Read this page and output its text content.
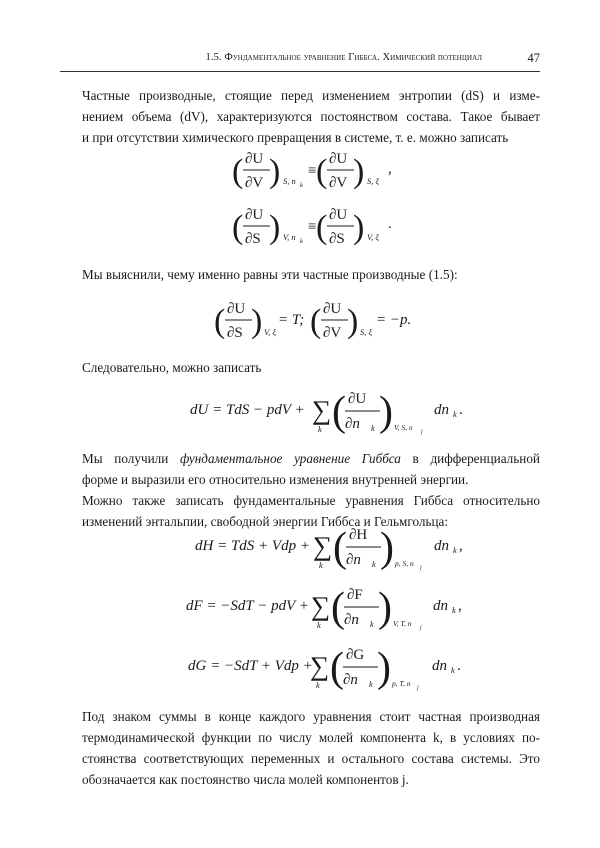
1.5. Фундаментальное уравнение Гиббса. Химический потенциал	47
Частные производные, стоящие перед изменением энтропии (dS) и изме-
нением объема (dV), характеризуются постоянством состава. Такое бывает
и при отсутствии химического превращения в системе, т. е. можно записать
( ∂U
∂V ) S, n k
≡ ( ∂U
∂V ) S, ξ
,
( ∂U
∂S ) V, n k
≡ ( ∂U
∂S ) V, ξ
.
Мы выяснили, чему именно равны эти частные производные (1.5):
( ∂U
∂S ) V, ξ
= T; ( ∂U
∂V ) S, ξ
= −p.
Следовательно, можно записать
dU = TdS − pdV + ∑
k ( ∂U
∂n k ) V, S, n j
dn k .
Мы получили фундаментальное уравнение Гиббса в дифференциальной
форме и выразили его относительно изменения внутренней энергии.
Можно также записать фундаментальные уравнения Гиббса относительно
изменений энтальпии, свободной энергии Гиббса и Гельмгольца:
dH = TdS + Vdp + ∑
k ( ∂H
∂n k ) p, S, n j
dn k ,
dF = −SdT − pdV + ∑
k ( ∂F
∂n k ) V, T, n j
dn k ,
dG = −SdT + Vdp +
∑
k ( ∂G
∂n k ) p, T, n j
dn k .
Под знаком суммы в конце каждого уравнения стоит частная производная
термодинамической функции по числу молей компонента k, в условиях по-
стоянства соответствующих переменных и остального состава системы. Это
обозначается как постоянство числа молей компонентов j.
